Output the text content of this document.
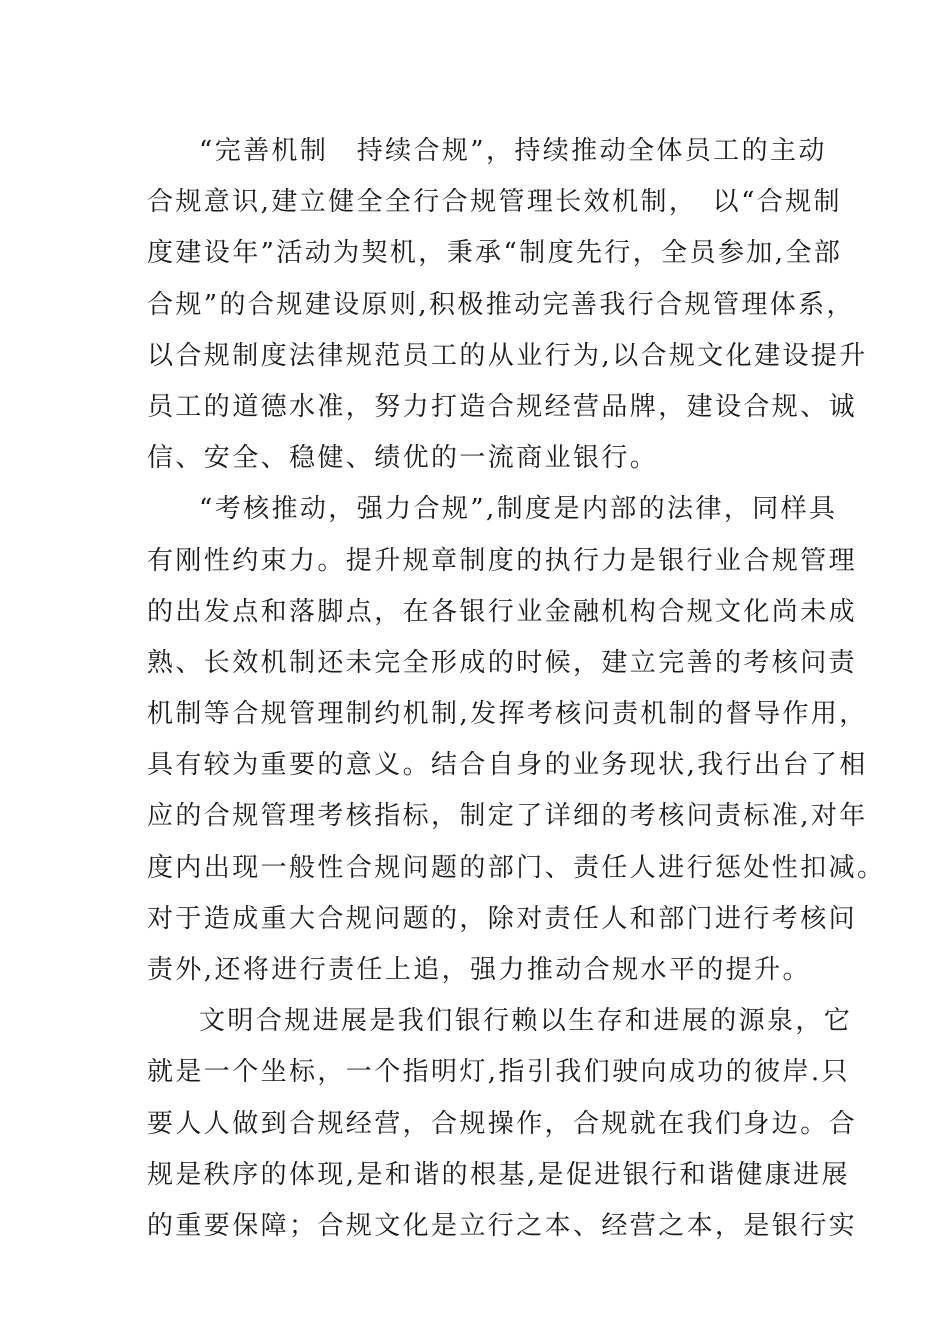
“完善机制　持续合规”，持续推动全体员工的主动
合规意识,建立健全全行合规管理长效机制，　以“合规制
度建设年”活动为契机，秉承“制度先行，全员参加,全部
合规”的合规建设原则,积极推动完善我行合规管理体系，
以合规制度法律规范员工的从业行为,以合规文化建设提升
员工的道德水准，努力打造合规经营品牌，建设合规、诚
信、安全、稳健、绩优的一流商业银行。
“考核推动，强力合规”,制度是内部的法律，同样具
有刚性约束力。提升规章制度的执行力是银行业合规管理
的出发点和落脚点，在各银行业金融机构合规文化尚未成
熟、长效机制还未完全形成的时候，建立完善的考核问责
机制等合规管理制约机制,发挥考核问责机制的督导作用，
具有较为重要的意义。结合自身的业务现状,我行出台了相
应的合规管理考核指标，制定了详细的考核问责标准,对年
度内出现一般性合规问题的部门、责任人进行惩处性扣减。
对于造成重大合规问题的，除对责任人和部门进行考核问
责外,还将进行责任上追，强力推动合规水平的提升。
文明合规进展是我们银行赖以生存和进展的源泉，它
就是一个坐标，一个指明灯,指引我们驶向成功的彼岸.只
要人人做到合规经营，合规操作，合规就在我们身边。合
规是秩序的体现,是和谐的根基,是促进银行和谐健康进展
的重要保障；合规文化是立行之本、经营之本，是银行实
